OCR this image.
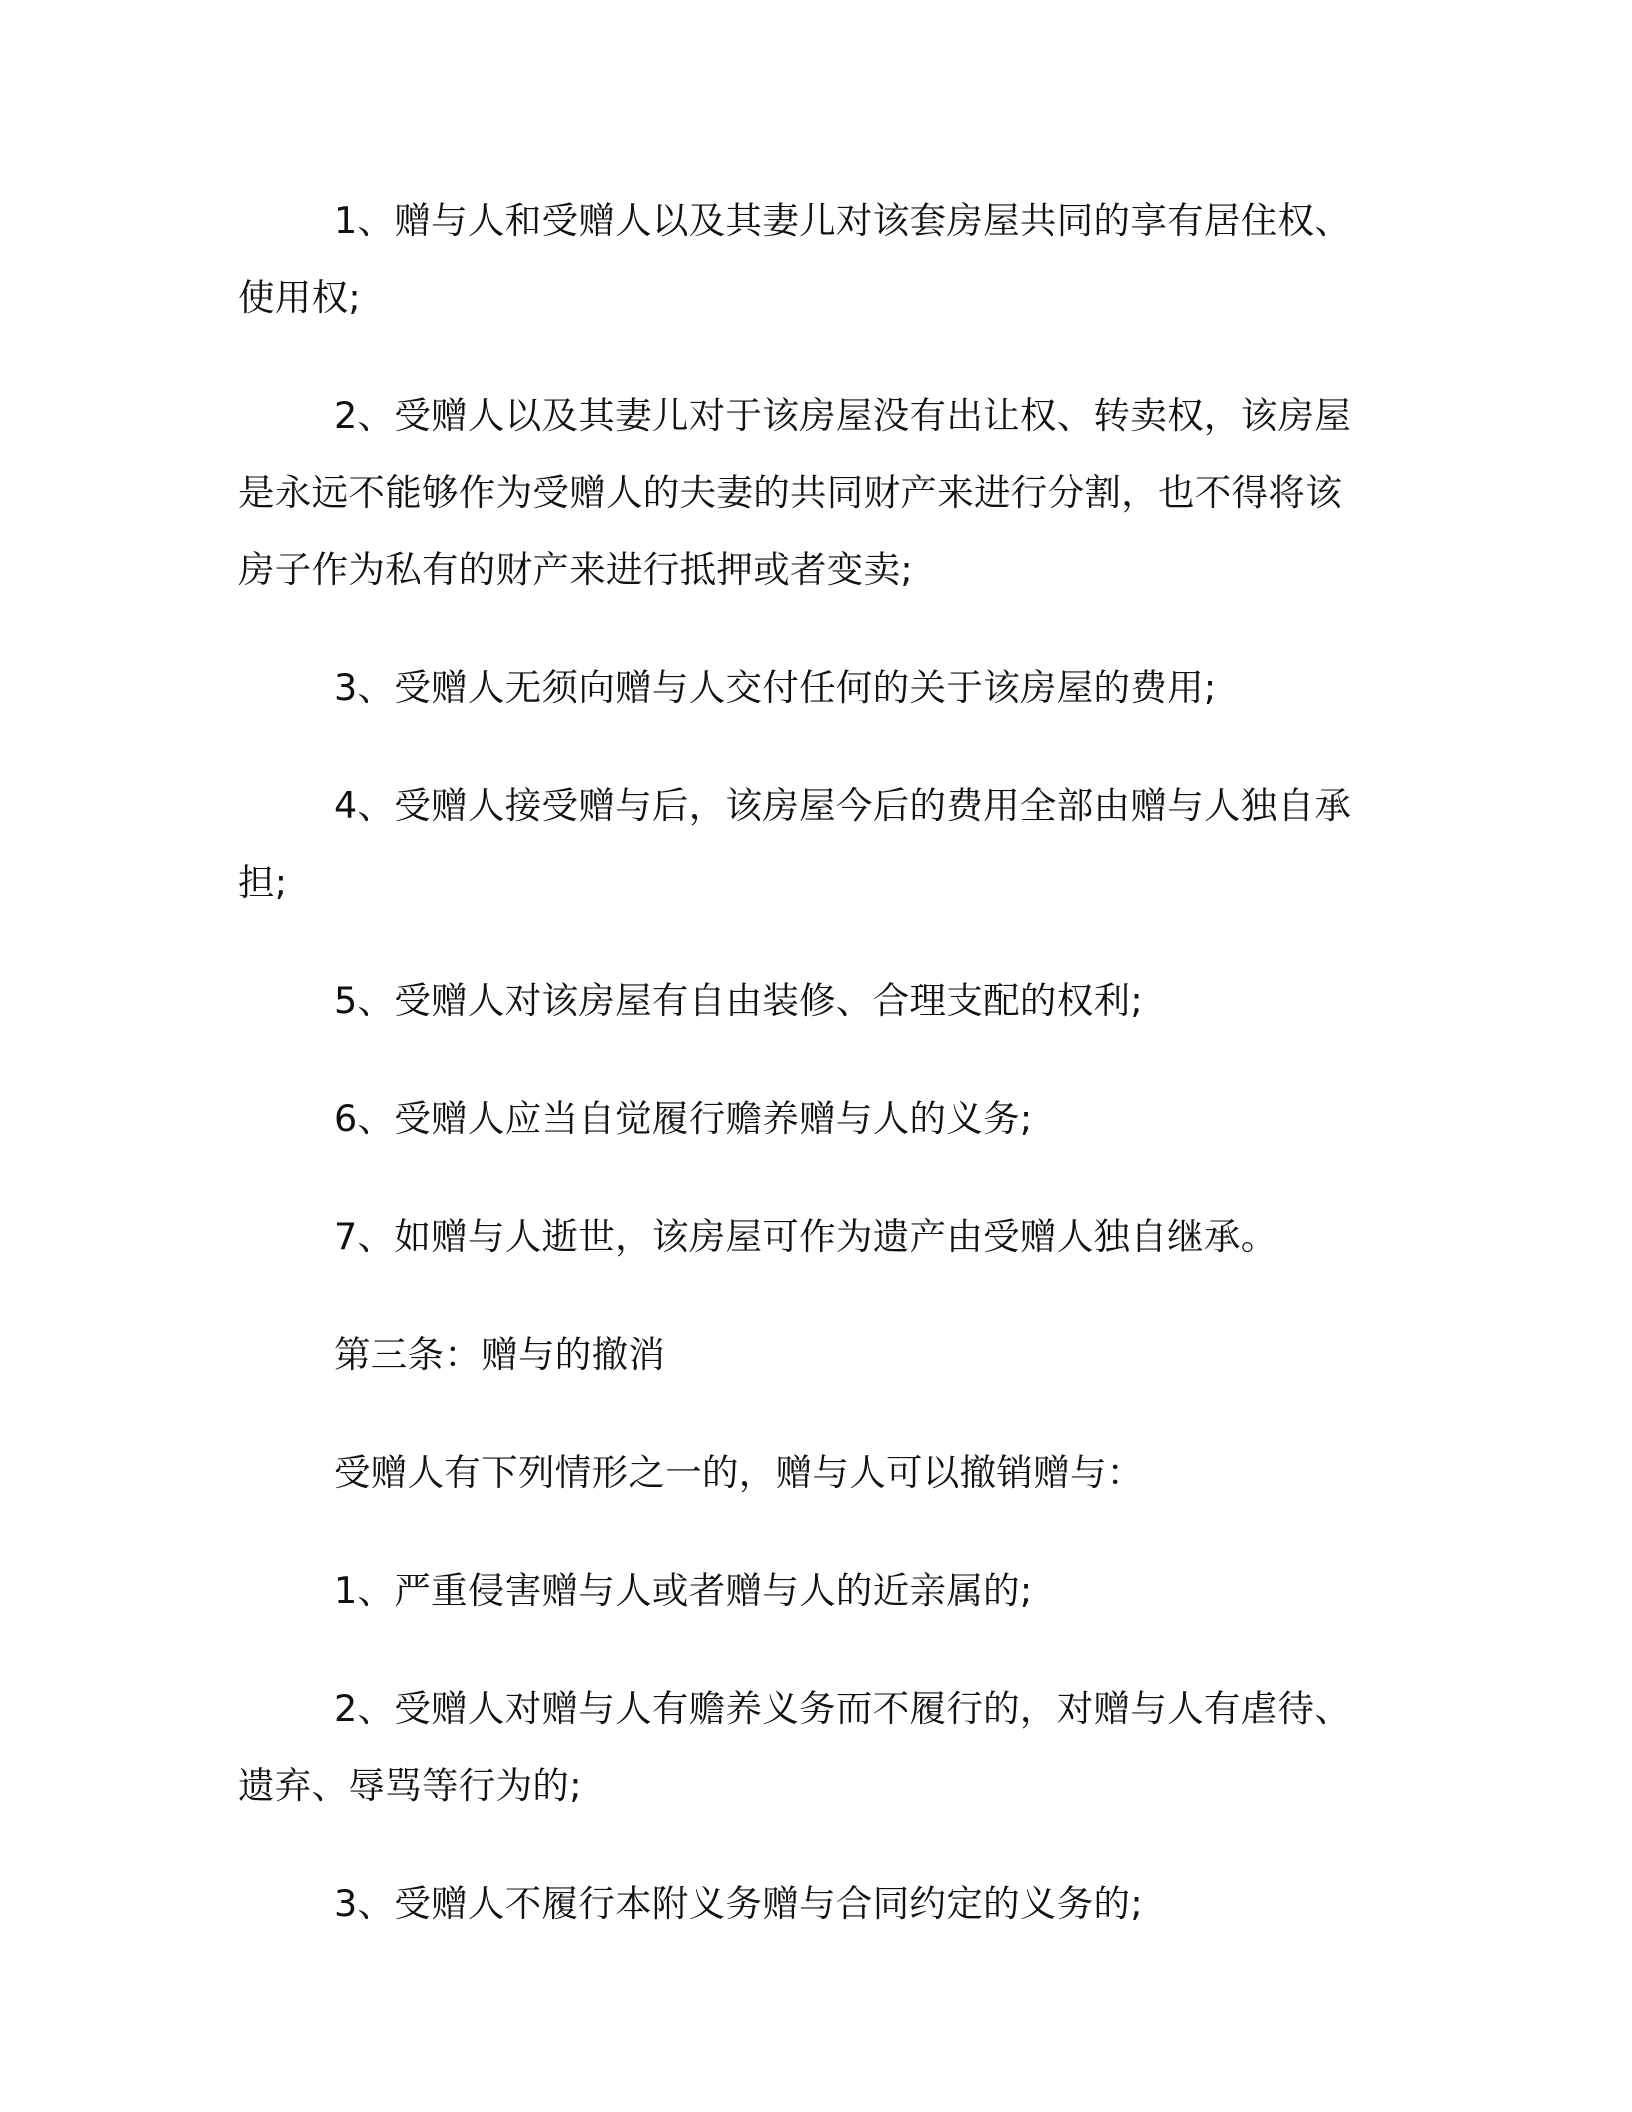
1、赠与人和受赠人以及其妻儿对该套房屋共同的享有居住权、使用权;

2、受赠人以及其妻儿对于该房屋没有出让权、转卖权，该房屋是永远不能够作为受赠人的夫妻的共同财产来进行分割，也不得将该房子作为私有的财产来进行抵押或者变卖;

3、受赠人无须向赠与人交付任何的关于该房屋的费用;

4、受赠人接受赠与后，该房屋今后的费用全部由赠与人独自承担;

5、受赠人对该房屋有自由装修、合理支配的权利;

6、受赠人应当自觉履行赡养赠与人的义务;

7、如赠与人逝世，该房屋可作为遗产由受赠人独自继承。

第三条：赠与的撤消

受赠人有下列情形之一的，赠与人可以撤销赠与：

1、严重侵害赠与人或者赠与人的近亲属的;

2、受赠人对赠与人有赡养义务而不履行的，对赠与人有虐待、遗弃、辱骂等行为的;

3、受赠人不履行本附义务赠与合同约定的义务的;
